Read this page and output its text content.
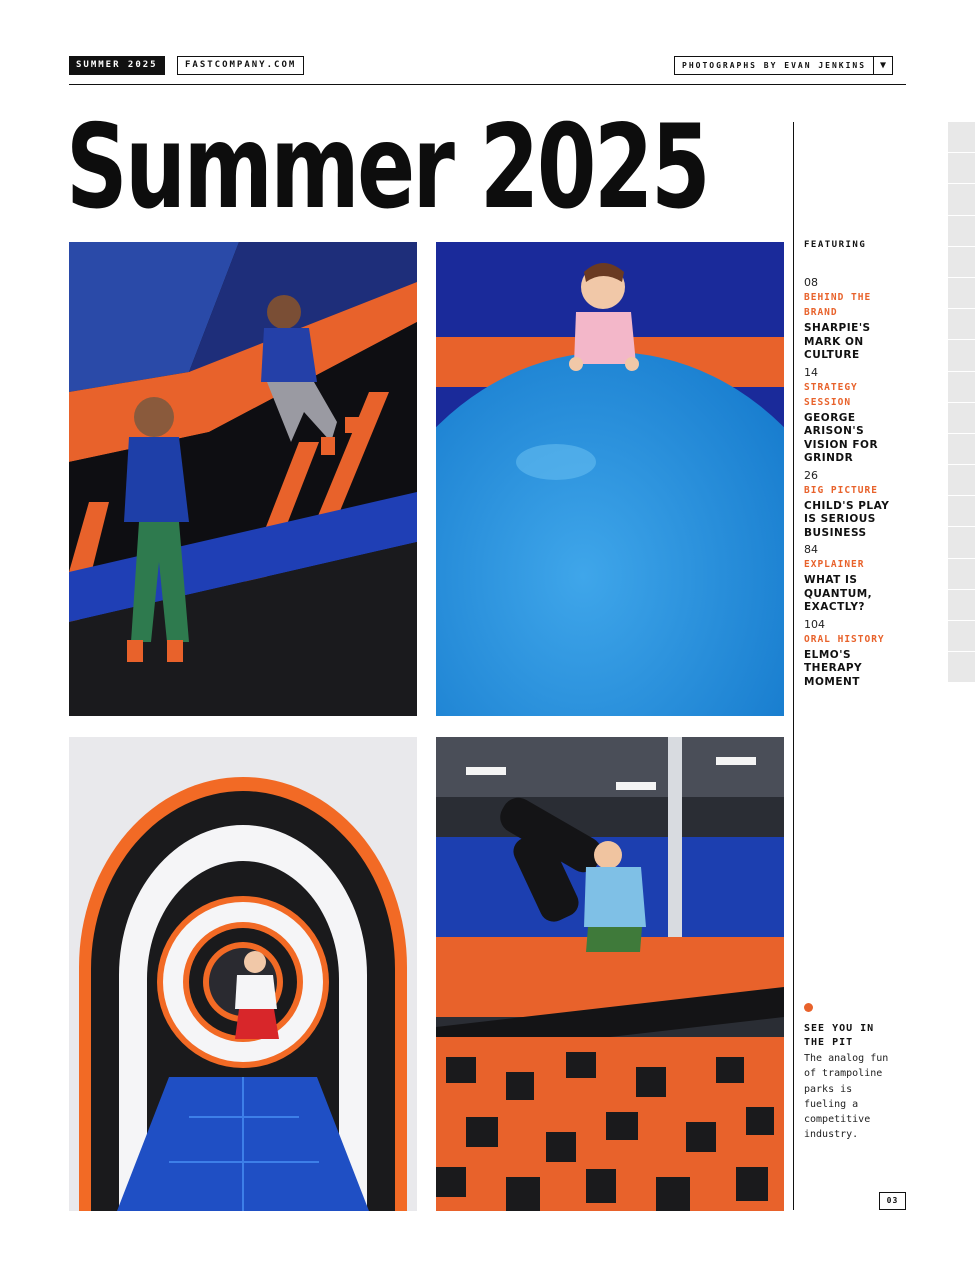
SUMMER 2025	FASTCOMPANY.COM	PHOTOGRAPHS BY EVAN JENKINS	▼
Summer 2025
FEATURING
08
BEHIND THE BRAND
SHARPIE'S MARK ON CULTURE
14
STRATEGY SESSION
GEORGE ARISON'S VISION FOR GRINDR
26
BIG PICTURE
CHILD'S PLAY IS SERIOUS BUSINESS
84
EXPLAINER
WHAT IS QUANTUM, EXACTLY?
104
ORAL HISTORY
ELMO'S THERAPY MOMENT
SEE YOU IN THE PIT
The analog fun of trampoline parks is fueling a competitive industry.
03
